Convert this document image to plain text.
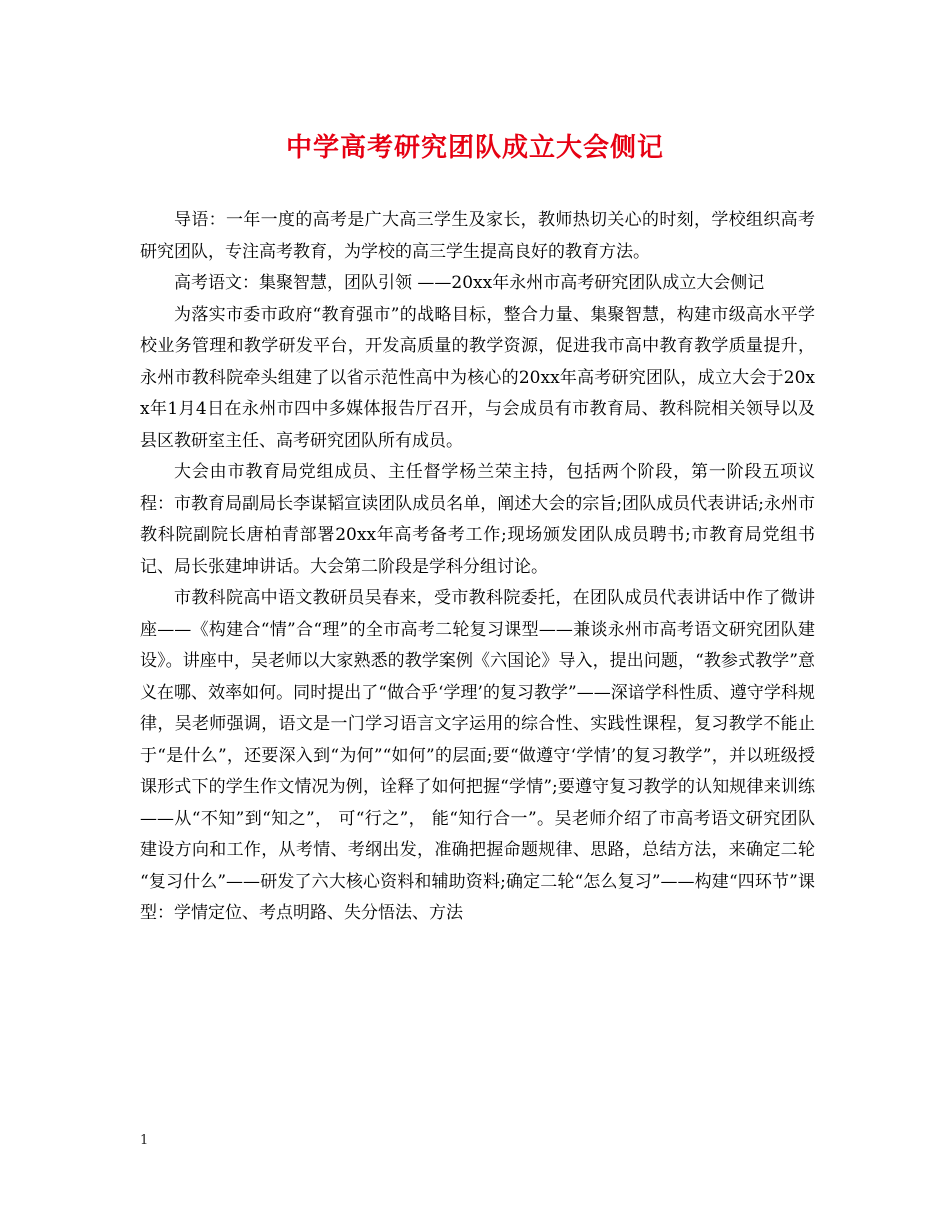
中学高考研究团队成立大会侧记

导语：一年一度的高考是广大高三学生及家长，教师热切关心的时刻，学校组织高考研究团队，专注高考教育，为学校的高三学生提高良好的教育方法。

高考语文：集聚智慧，团队引领 ——20xx年永州市高考研究团队成立大会侧记

为落实市委市政府“教育强市”的战略目标，整合力量、集聚智慧，构建市级高水平学校业务管理和教学研发平台，开发高质量的教学资源，促进我市高中教育教学质量提升，永州市教科院牵头组建了以省示范性高中为核心的20xx年高考研究团队，成立大会于20xx年1月4日在永州市四中多媒体报告厅召开，与会成员有市教育局、教科院相关领导以及县区教研室主任、高考研究团队所有成员。

大会由市教育局党组成员、主任督学杨兰荣主持，包括两个阶段，第一阶段五项议程：市教育局副局长李谋韬宣读团队成员名单，阐述大会的宗旨;团队成员代表讲话;永州市教科院副院长唐柏青部署20xx年高考备考工作;现场颁发团队成员聘书;市教育局党组书记、局长张建坤讲话。大会第二阶段是学科分组讨论。

市教科院高中语文教研员吴春来，受市教科院委托，在团队成员代表讲话中作了微讲座——《构建合“情”合“理”的全市高考二轮复习课型——兼谈永州市高考语文研究团队建设》。讲座中，吴老师以大家熟悉的教学案例《六国论》导入，提出问题，“教参式教学”意义在哪、效率如何。同时提出了“做合乎‘学理’的复习教学”——深谙学科性质、遵守学科规律，吴老师强调，语文是一门学习语言文字运用的综合性、实践性课程，复习教学不能止于“是什么”，还要深入到“为何”“如何”的层面;要“做遵守‘学情’的复习教学”，并以班级授课形式下的学生作文情况为例，诠释了如何把握“学情”;要遵守复习教学的认知规律来训练——从“不知”到“知之”， 可“行之”， 能“知行合一”。吴老师介绍了市高考语文研究团队建设方向和工作，从考情、考纲出发，准确把握命题规律、思路，总结方法，来确定二轮 “复习什么”——研发了六大核心资料和辅助资料;确定二轮“怎么复习”——构建“四环节”课型：学情定位、考点明路、失分悟法、方法

1
